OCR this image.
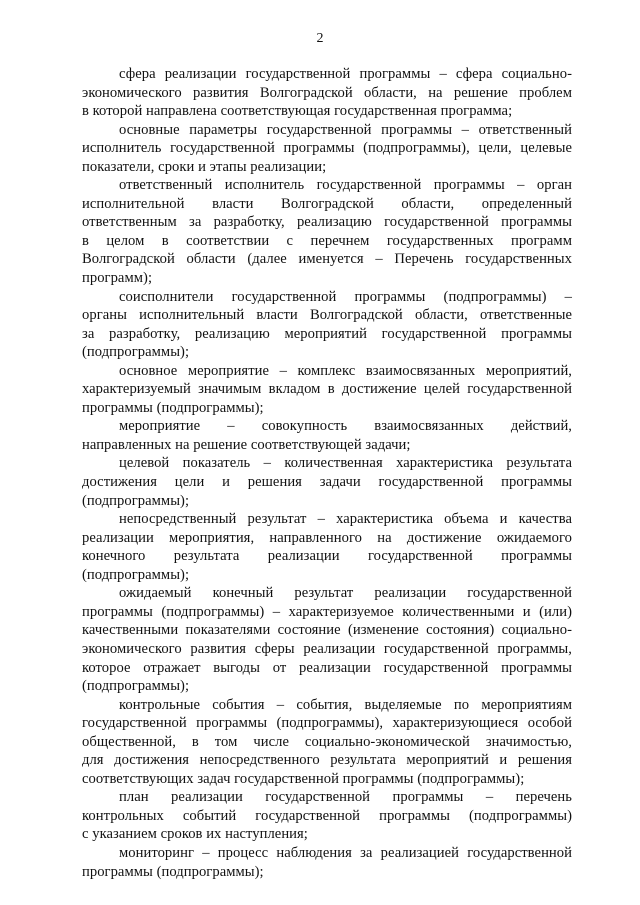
2

сфера реализации государственной программы – сфера социально-
экономического развития Волгоградской области, на решение проблем
в которой направлена соответствующая государственная программа;

основные параметры государственной программы – ответственный
исполнитель государственной программы (подпрограммы), цели, целевые
показатели, сроки и этапы реализации;

ответственный исполнитель государственной программы – орган
исполнительной власти Волгоградской области, определенный
ответственным за разработку, реализацию государственной программы
в целом в соответствии с перечнем государственных программ
Волгоградской области (далее именуется – Перечень государственных
программ);

соисполнители государственной программы (подпрограммы) –
органы исполнительный власти Волгоградской области, ответственные
за разработку, реализацию мероприятий государственной программы
(подпрограммы);

основное мероприятие – комплекс взаимосвязанных мероприятий,
характеризуемый значимым вкладом в достижение целей государственной
программы (подпрограммы);

мероприятие – совокупность взаимосвязанных действий,
направленных на решение соответствующей задачи;

целевой показатель – количественная характеристика результата
достижения цели и решения задачи государственной программы
(подпрограммы);

непосредственный результат – характеристика объема и качества
реализации мероприятия, направленного на достижение ожидаемого
конечного результата реализации государственной программы
(подпрограммы);

ожидаемый конечный результат реализации государственной
программы (подпрограммы) – характеризуемое количественными и (или)
качественными показателями состояние (изменение состояния) социально-
экономического развития сферы реализации государственной программы,
которое отражает выгоды от реализации государственной программы
(подпрограммы);

контрольные события – события, выделяемые по мероприятиям
государственной программы (подпрограммы), характеризующиеся особой
общественной, в том числе социально-экономической значимостью,
для достижения непосредственного результата мероприятий и решения
соответствующих задач государственной программы (подпрограммы);

план реализации государственной программы – перечень
контрольных событий государственной программы (подпрограммы)
с указанием сроков их наступления;

мониторинг – процесс наблюдения за реализацией государственной
программы (подпрограммы);
